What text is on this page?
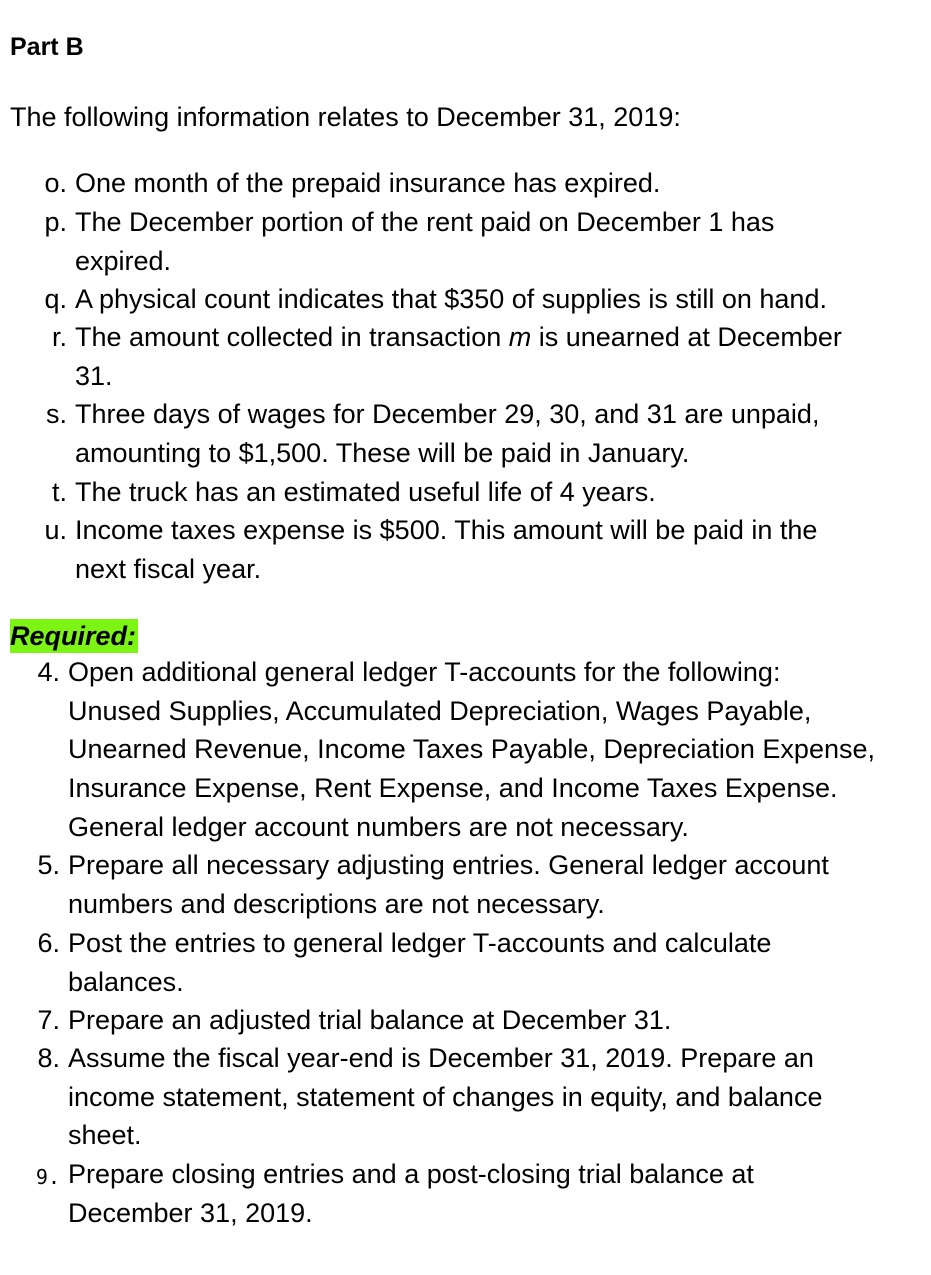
Part B
The following information relates to December 31, 2019:
o. One month of the prepaid insurance has expired.
p. The December portion of the rent paid on December 1 has
expired.
q. A physical count indicates that $350 of supplies is still on hand.
r. The amount collected in transaction m is unearned at December
31.
s. Three days of wages for December 29, 30, and 31 are unpaid,
amounting to $1,500. These will be paid in January.
t. The truck has an estimated useful life of 4 years.
u. Income taxes expense is $500. This amount will be paid in the
next fiscal year.
Required:
4. Open additional general ledger T-accounts for the following:
Unused Supplies, Accumulated Depreciation, Wages Payable,
Unearned Revenue, Income Taxes Payable, Depreciation Expense,
Insurance Expense, Rent Expense, and Income Taxes Expense.
General ledger account numbers are not necessary.
5. Prepare all necessary adjusting entries. General ledger account
numbers and descriptions are not necessary.
6. Post the entries to general ledger T-accounts and calculate
balances.
7. Prepare an adjusted trial balance at December 31.
8. Assume the fiscal year-end is December 31, 2019. Prepare an
income statement, statement of changes in equity, and balance
sheet.
9. Prepare closing entries and a post-closing trial balance at
December 31, 2019.
